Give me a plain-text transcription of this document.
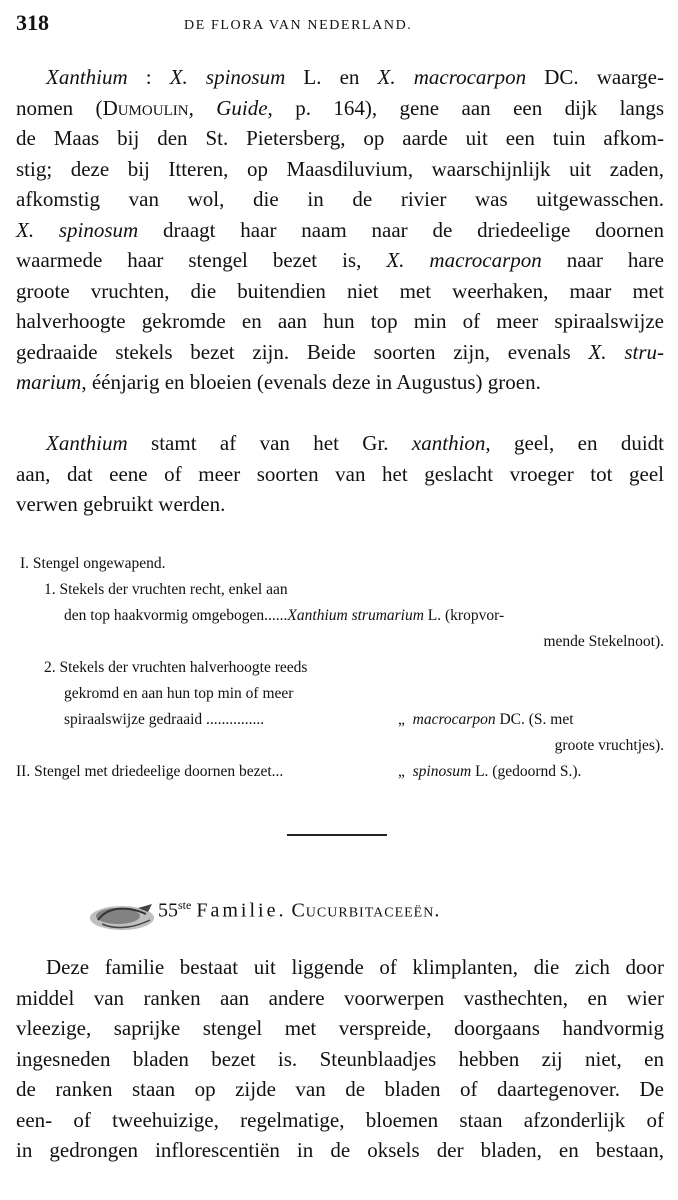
318	DE FLORA VAN NEDERLAND.

Xanthium : X. spinosum L. en X. macrocarpon DC. waarge-
nomen (Dumoulin, Guide, p. 164), gene aan een dijk langs
de Maas bij den St. Pietersberg, op aarde uit een tuin afkom-
stig; deze bij Itteren, op Maasdiluvium, waarschijnlijk uit zaden,
afkomstig van wol, die in de rivier was uitgewasschen.
X. spinosum draagt haar naam naar de driedeelige doornen
waarmede haar stengel bezet is, X. macrocarpon naar hare
groote vruchten, die buitendien niet met weerhaken, maar met
halverhoogte gekromde en aan hun top min of meer spiraalswijze
gedraaide stekels bezet zijn. Beide soorten zijn, evenals X. stru-
marium, éénjarig en bloeien (evenals deze in Augustus) groen.

Xanthium stamt af van het Gr. xanthion, geel, en duidt
aan, dat eene of meer soorten van het geslacht vroeger tot geel
verwen gebruikt werden.

I. Stengel ongewapend.
1. Stekels der vruchten recht, enkel aan
den top haakvormig omgebogen......Xanthium strumarium L. (kropvor-
mende Stekelnoot).
2. Stekels der vruchten halverhoogte reeds
gekromd en aan hun top min of meer
spiraalswijze gedraaid ...............	„ macrocarpon DC. (S. met
groote vruchtjes).
II. Stengel met driedeelige doornen bezet...	„ spinosum L. (gedoornd S.).
55ste Familie. Cucurbitaceeën.

Deze familie bestaat uit liggende of klimplanten, die zich door
middel van ranken aan andere voorwerpen vasthechten, en wier
vleezige, saprijke stengel met verspreide, doorgaans handvormig
ingesneden bladen bezet is. Steunblaadjes hebben zij niet, en
de ranken staan op zijde van de bladen of daartegenover. De
een- of tweehuizige, regelmatige, bloemen staan afzonderlijk of
in gedrongen inflorescentiën in de oksels der bladen, en bestaan,
